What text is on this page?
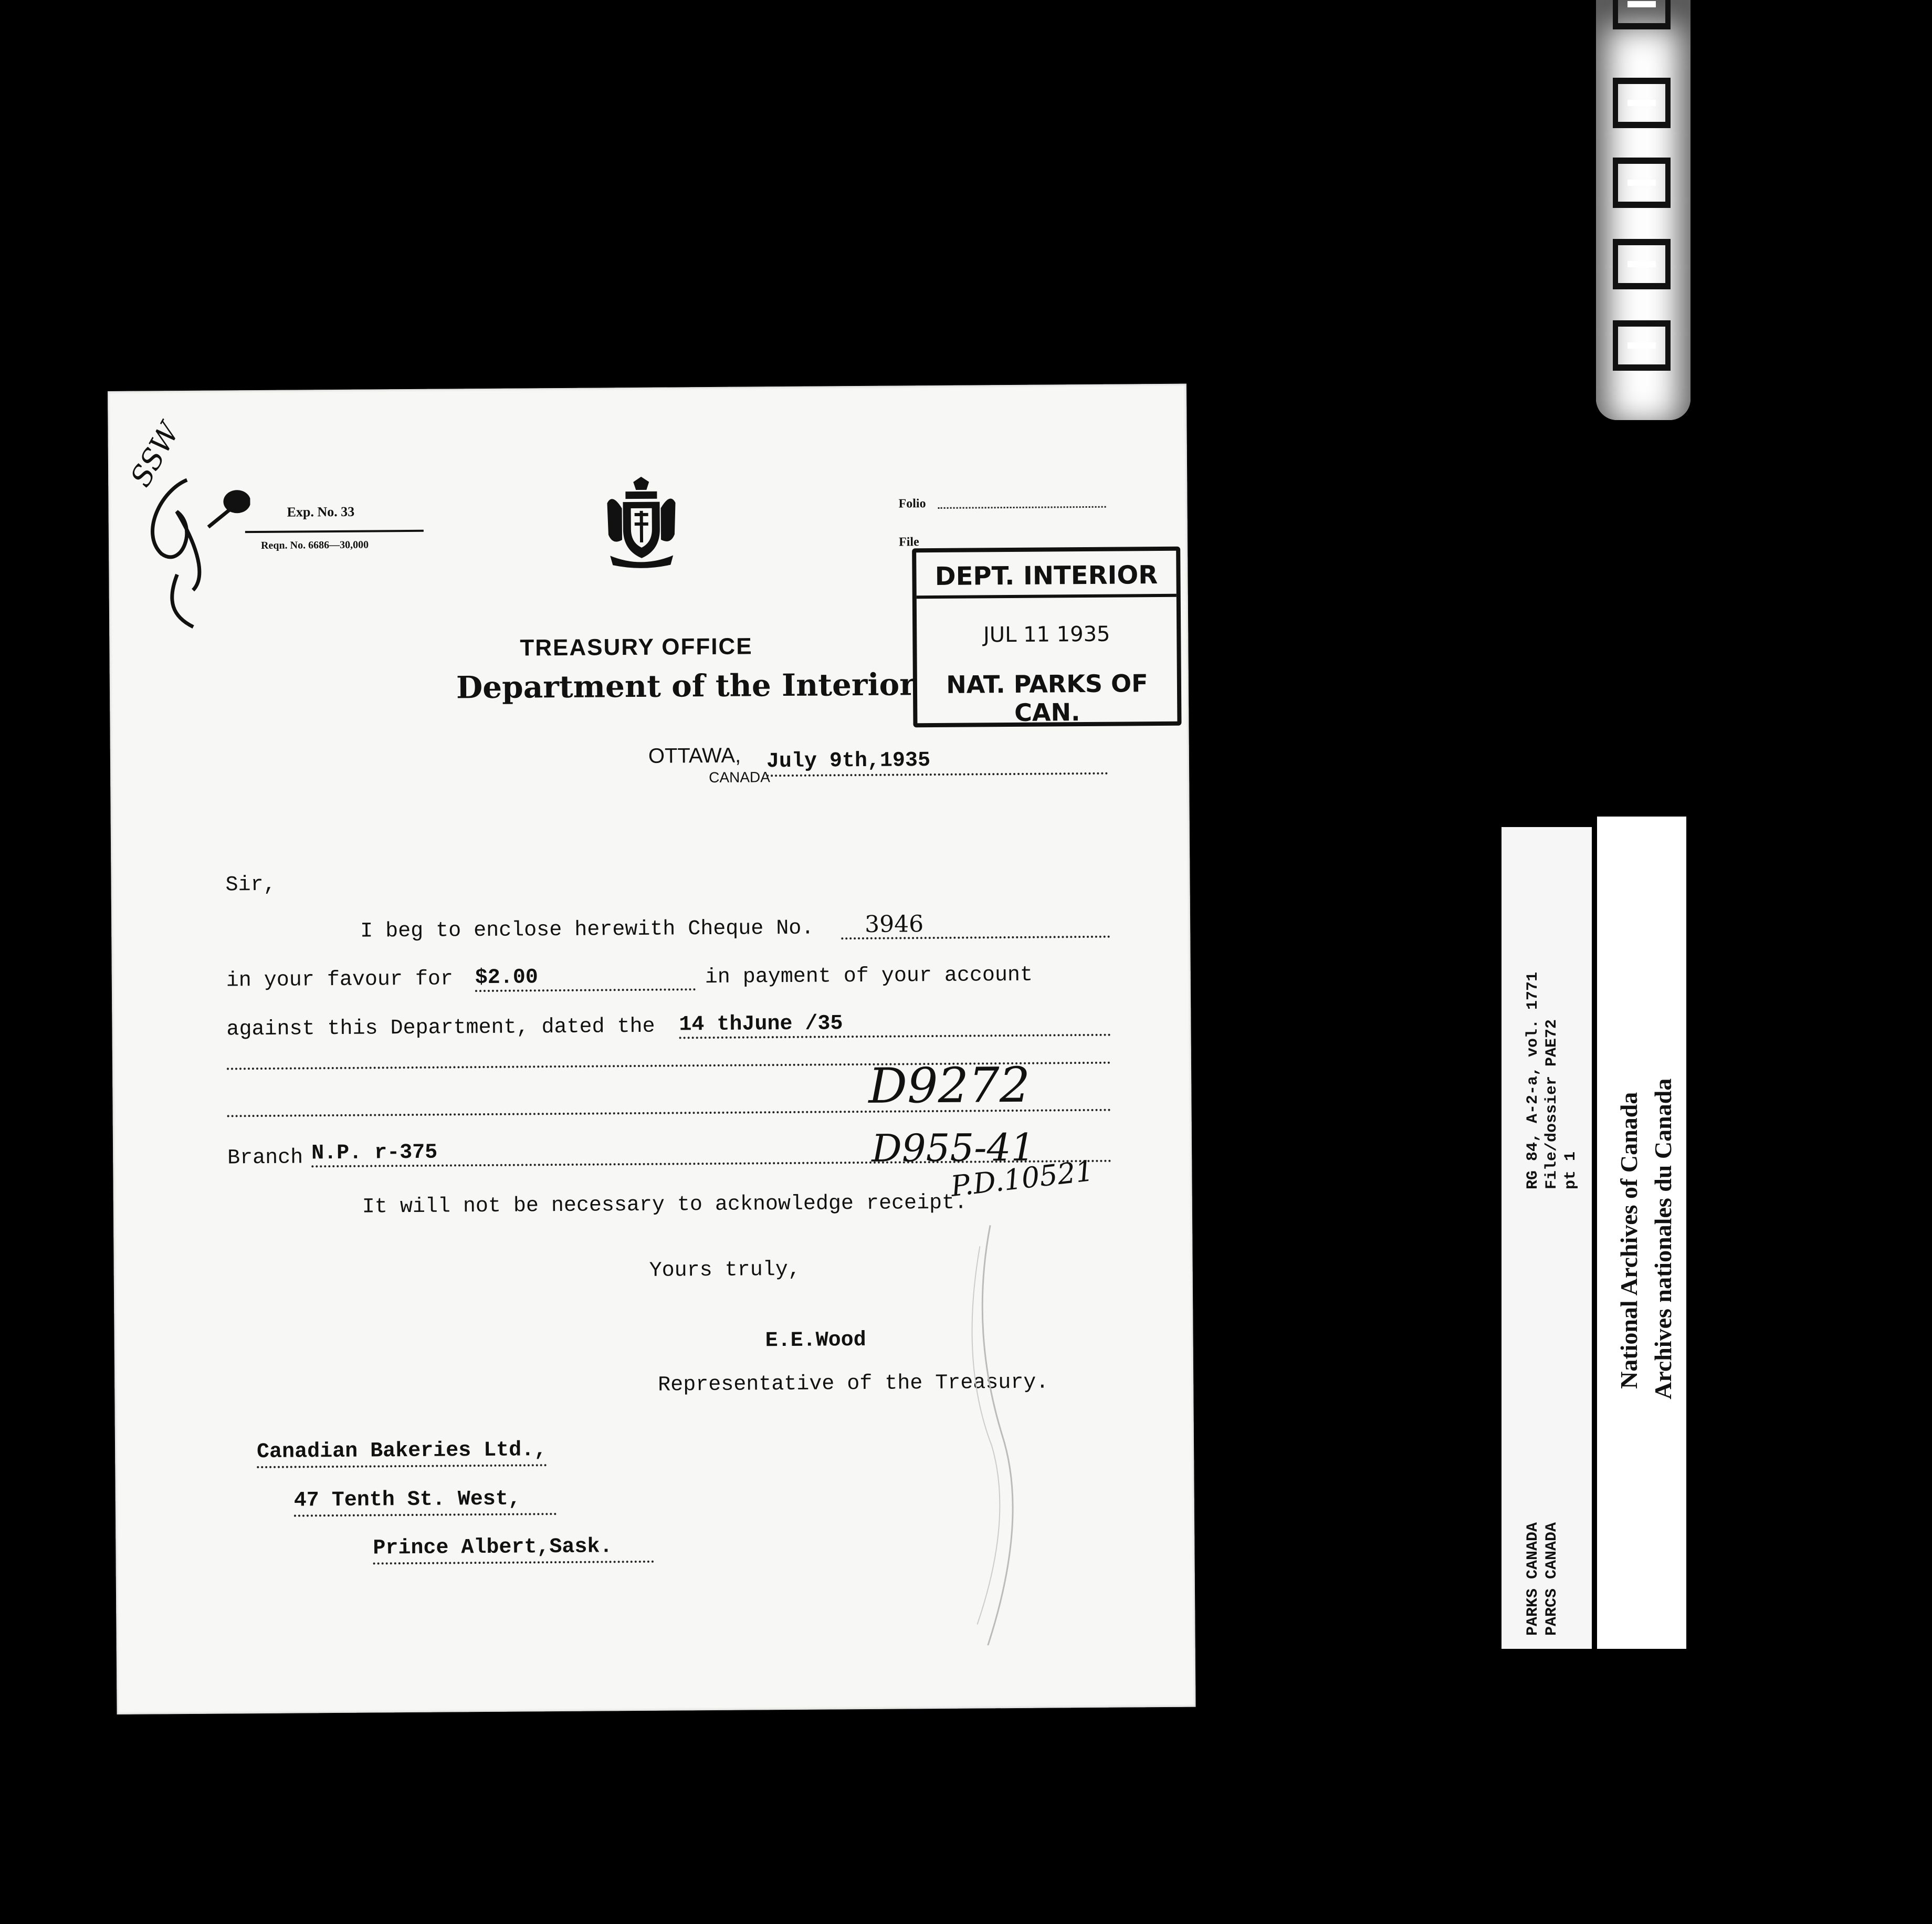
SSW
Exp. No. 33
Reqn. No. 6686—30,000
Folio
File
DEPT. INTERIOR
JUL 11 1935
NAT. PARKS OF CAN.
TREASURY OFFICE
Department of the Interior
OTTAWA,
CANADA
July 9th,1935
Sir,
I beg to enclose herewith Cheque No. 3946
in your favour for $2.00	in payment of your account
against this Department, dated the 14 thJune /35
D9272
Branch N.P. r-375	D955-41
P.D.10521
It will not be necessary to acknowledge receipt.
Yours truly,
E.E.Wood
Representative of the Treasury.
Canadian Bakeries Ltd.,
47 Tenth St. West,
Prince Albert,Sask.
RG 84, A-2-a, vol. 1771 File/dossier PAE72 pt 1
PARKS CANADA PARCS CANADA
National Archives of Canada Archives nationales du Canada
